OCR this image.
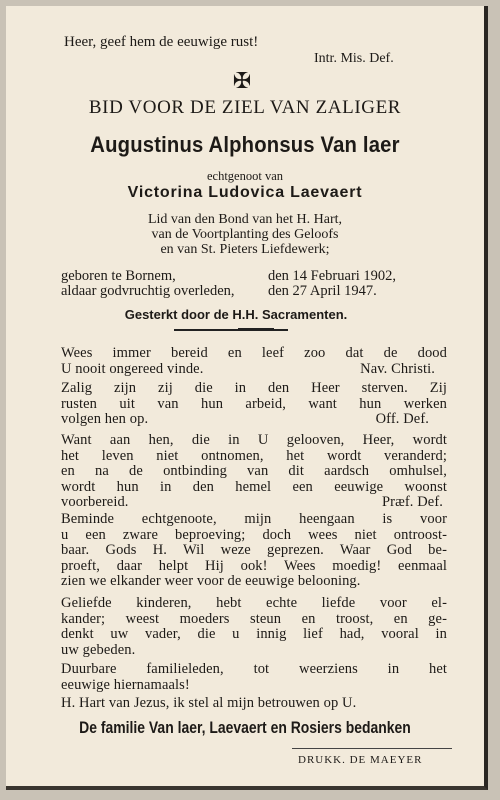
Heer, geef hem de eeuwige rust!

Intr. Mis. Def.

✠

BID VOOR DE ZIEL VAN ZALIGER

Augustinus Alphonsus Van laer

echtgenoot van

Victorina Ludovica Laevaert

Lid van den Bond van het H. Hart,
van de Voortplanting des Geloofs
en van St. Pieters Liefdewerk;

geboren te Bornem,	den 14 Februari 1902,

aldaar godvruchtig overleden, den 27 April 1947.

Gesterkt door de H.H. Sacramenten.

Wees immer bereid en leef zoo dat de dood
U nooit ongereed vinde.	Nav. Christi.
Zalig zijn zij die in den Heer sterven. Zij
rusten uit van hun arbeid, want hun werken
volgen hen op.	Off. Def.
Want aan hen, die in U gelooven, Heer, wordt
het leven niet ontnomen, het wordt veranderd;
en na de ontbinding van dit aardsch omhulsel,
wordt hun in den hemel een eeuwige woonst
voorbereid.	Præf. Def.
Beminde echtgenoote, mijn heengaan is voor
u een zware beproeving; doch wees niet ontroost-
baar. Gods H. Wil weze geprezen. Waar God be-
proeft, daar helpt Hij ook! Wees moedig! eenmaal
zien we elkander weer voor de eeuwige belooning.
Geliefde kinderen, hebt echte liefde voor el-
kander; weest moeders steun en troost, en ge-
denkt uw vader, die u innig lief had, vooral in
uw gebeden.
Duurbare familieleden, tot weerziens in het
eeuwige hiernamaals!
H. Hart van Jezus, ik stel al mijn betrouwen op U.

De familie Van laer, Laevaert en Rosiers bedanken

DRUKK. DE MAEYER
